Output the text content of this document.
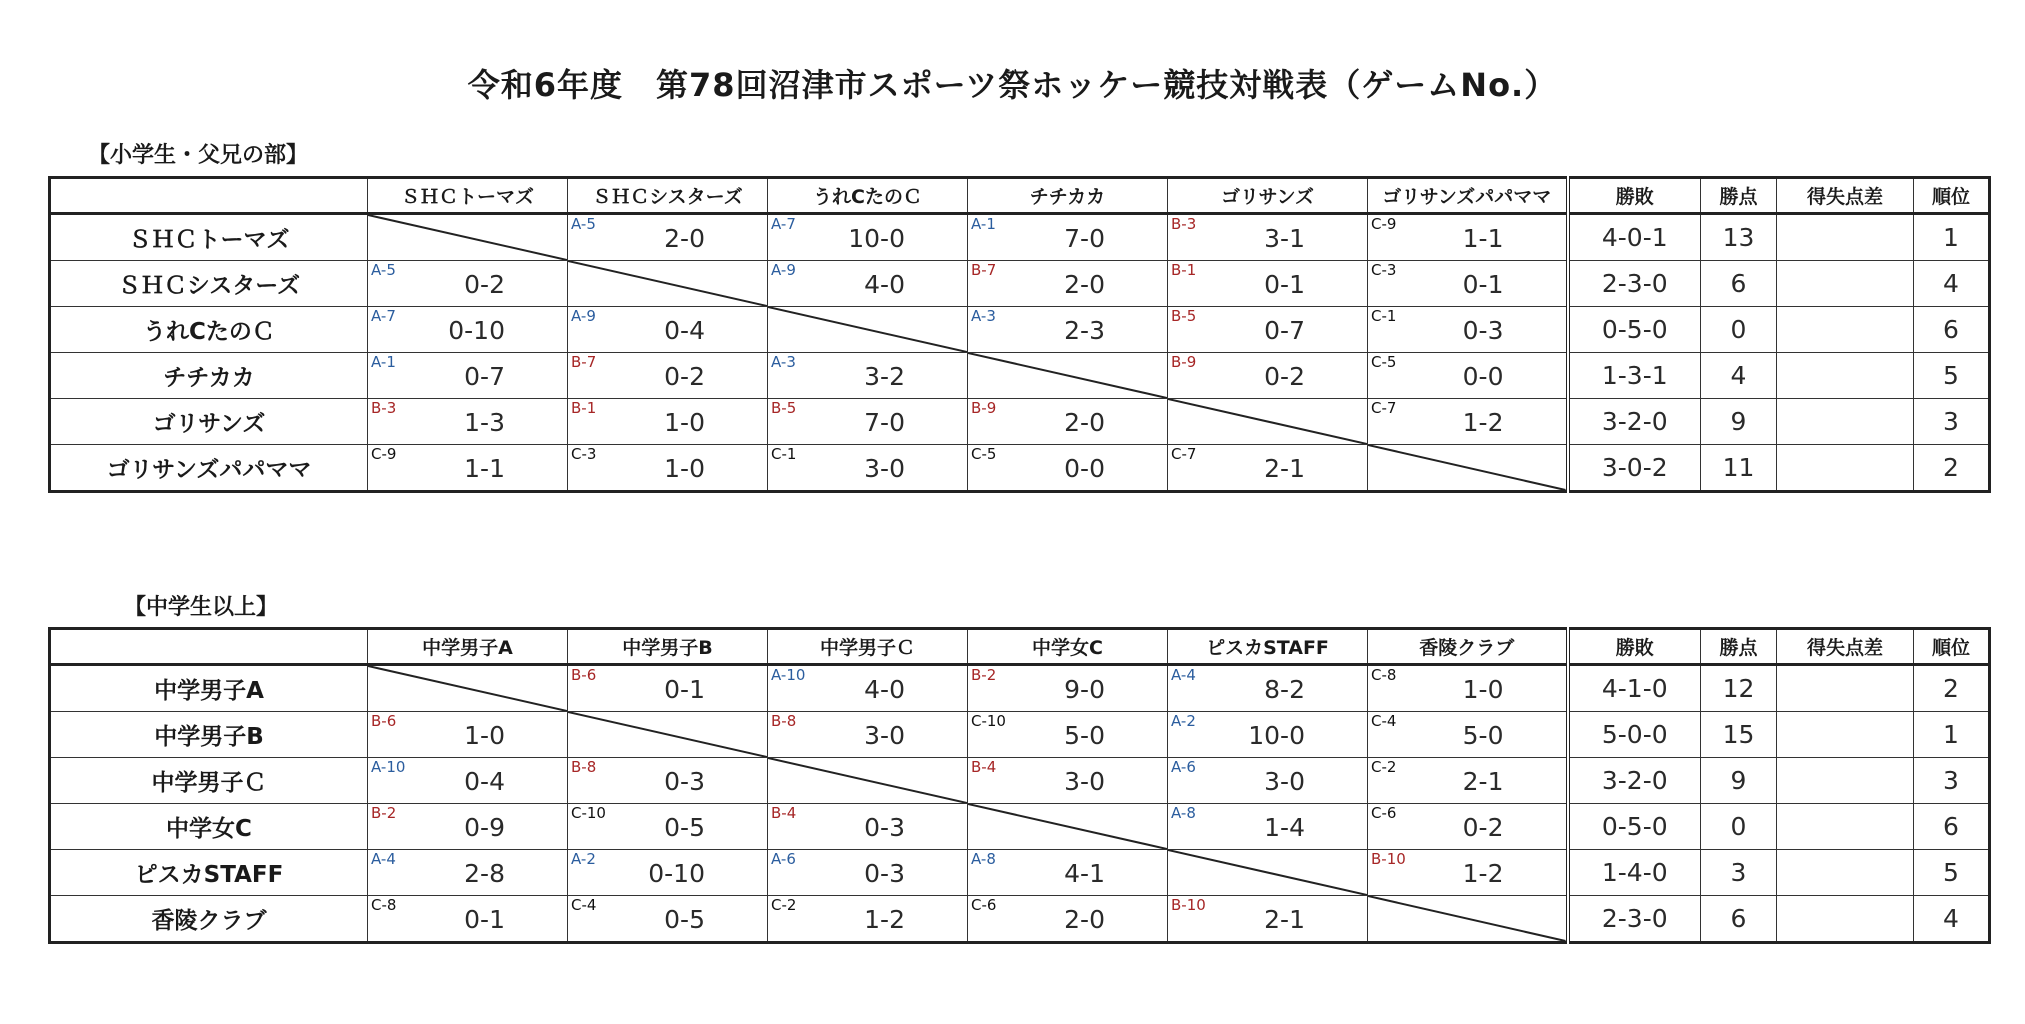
令和6年度　第78回沼津市スポーツ祭ホッケー競技対戦表（ゲームNo.）
【小学生・父兄の部】
	ＳＨＣトーマズ	ＳＨＣシスターズ	うれCたのＣ	チチカカ	ゴリサンズ	ゴリサンズパパママ	勝敗	勝点	得失点差	順位
ＳＨＣトーマズ		A-5 2-0	A-7 10-0	A-1 7-0	B-3 3-1	C-9 1-1	4-0-1	13		1
ＳＨＣシスターズ	A-5 0-2		A-9 4-0	B-7 2-0	B-1 0-1	C-3 0-1	2-3-0	6		4
うれCたのＣ	A-7 0-10	A-9 0-4		A-3 2-3	B-5 0-7	C-1 0-3	0-5-0	0		6
チチカカ	A-1 0-7	B-7 0-2	A-3 3-2		B-9 0-2	C-5 0-0	1-3-1	4		5
ゴリサンズ	B-3 1-3	B-1 1-0	B-5 7-0	B-9 2-0		C-7 1-2	3-2-0	9		3
ゴリサンズパパママ	C-9 1-1	C-3 1-0	C-1 3-0	C-5 0-0	C-7 2-1		3-0-2	11		2
【中学生以上】
	中学男子A	中学男子B	中学男子Ｃ	中学女C	ピスカSTAFF	香陵クラブ	勝敗	勝点	得失点差	順位
中学男子A		B-6 0-1	A-10 4-0	B-2 9-0	A-4 8-2	C-8 1-0	4-1-0	12		2
中学男子B	B-6 1-0		B-8 3-0	C-10 5-0	A-2 10-0	C-4 5-0	5-0-0	15		1
中学男子Ｃ	A-10 0-4	B-8 0-3		B-4 3-0	A-6 3-0	C-2 2-1	3-2-0	9		3
中学女C	B-2 0-9	C-10 0-5	B-4 0-3		A-8 1-4	C-6 0-2	0-5-0	0		6
ピスカSTAFF	A-4 2-8	A-2 0-10	A-6 0-3	A-8 4-1		B-10 1-2	1-4-0	3		5
香陵クラブ	C-8 0-1	C-4 0-5	C-2 1-2	C-6 2-0	B-10 2-1		2-3-0	6		4
